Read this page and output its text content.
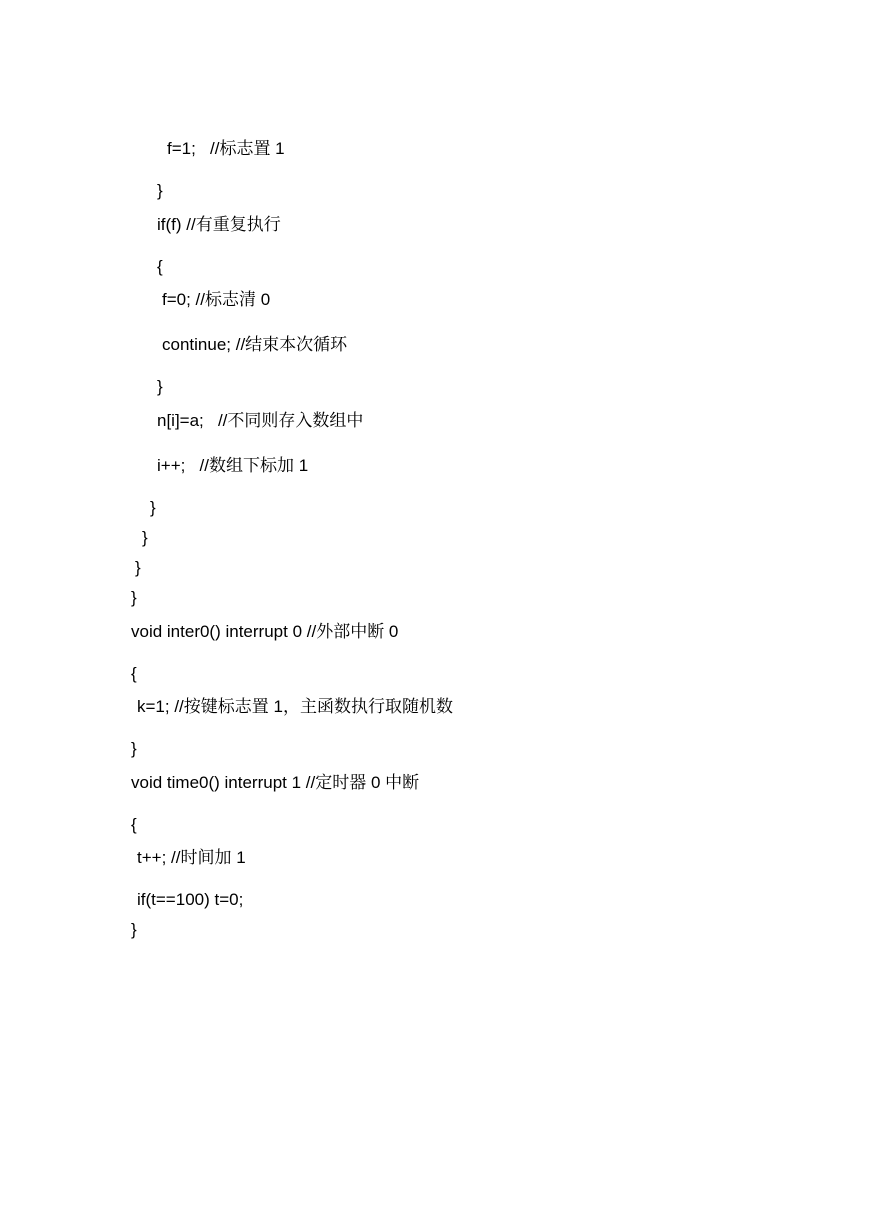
f=1;   //标志置 1
}
if(f) //有重复执行
{
f=0; //标志清 0
continue; //结束本次循环
}
n[i]=a;   //不同则存入数组中
i++;   //数组下标加 1
}
}
}
}
void inter0() interrupt 0 //外部中断 0
{
k=1; //按键标志置 1，主函数执行取随机数
}
void time0() interrupt 1 //定时器 0 中断
{
t++; //时间加 1
if(t==100) t=0;
}
